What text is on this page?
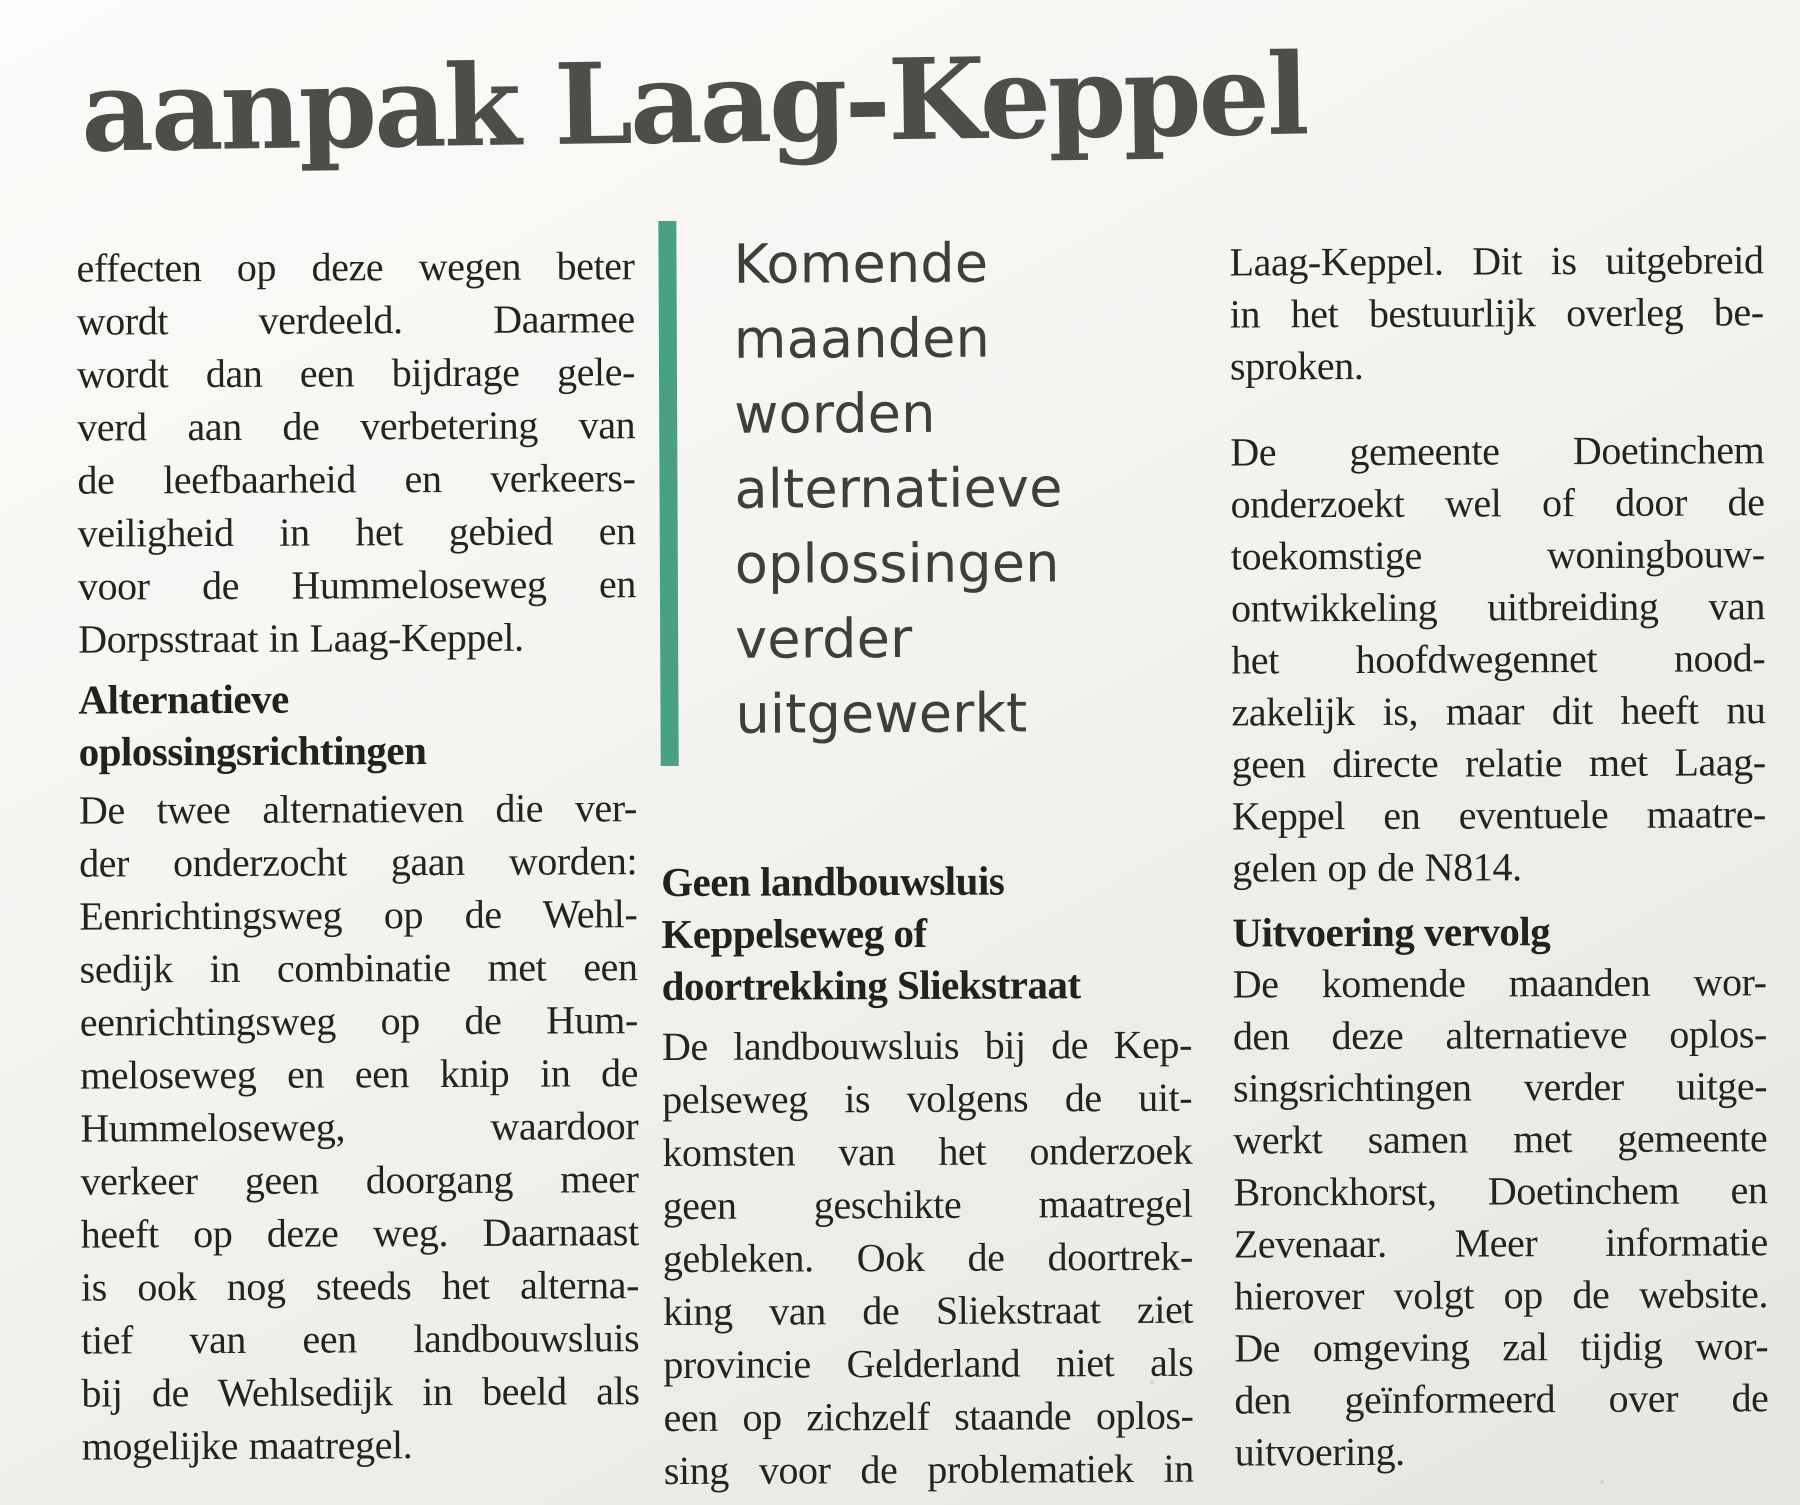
aanpak Laag-Keppel
effecten op deze wegen beter
wordt verdeeld. Daarmee
wordt dan een bijdrage gele-
verd aan de verbetering van
de leefbaarheid en verkeers-
veiligheid in het gebied en
voor de Hummeloseweg en
Dorpsstraat in Laag-Keppel.
Alternatieve
oplossingsrichtingen
De twee alternatieven die ver-
der onderzocht gaan worden:
Eenrichtingsweg op de Wehl-
sedijk in combinatie met een
eenrichtingsweg op de Hum-
meloseweg en een knip in de
Hummeloseweg, waardoor
verkeer geen doorgang meer
heeft op deze weg. Daarnaast
is ook nog steeds het alterna-
tief van een landbouwsluis
bij de Wehlsedijk in beeld als
mogelijke maatregel.
Komende
maanden
worden
alternatieve
oplossingen
verder
uitgewerkt
Geen landbouwsluis
Keppelseweg of
doortrekking Sliekstraat
De landbouwsluis bij de Kep-
pelseweg is volgens de uit-
komsten van het onderzoek
geen geschikte maatregel
gebleken. Ook de doortrek-
king van de Sliekstraat ziet
provincie Gelderland niet als
een op zichzelf staande oplos-
sing voor de problematiek in
Laag-Keppel. Dit is uitgebreid
in het bestuurlijk overleg be-
sproken.
De gemeente Doetinchem
onderzoekt wel of door de
toekomstige woningbouw-
ontwikkeling uitbreiding van
het hoofdwegennet nood-
zakelijk is, maar dit heeft nu
geen directe relatie met Laag-
Keppel en eventuele maatre-
gelen op de N814.
Uitvoering vervolg
De komende maanden wor-
den deze alternatieve oplos-
singsrichtingen verder uitge-
werkt samen met gemeente
Bronckhorst, Doetinchem en
Zevenaar. Meer informatie
hierover volgt op de website.
De omgeving zal tijdig wor-
den geïnformeerd over de
uitvoering.
